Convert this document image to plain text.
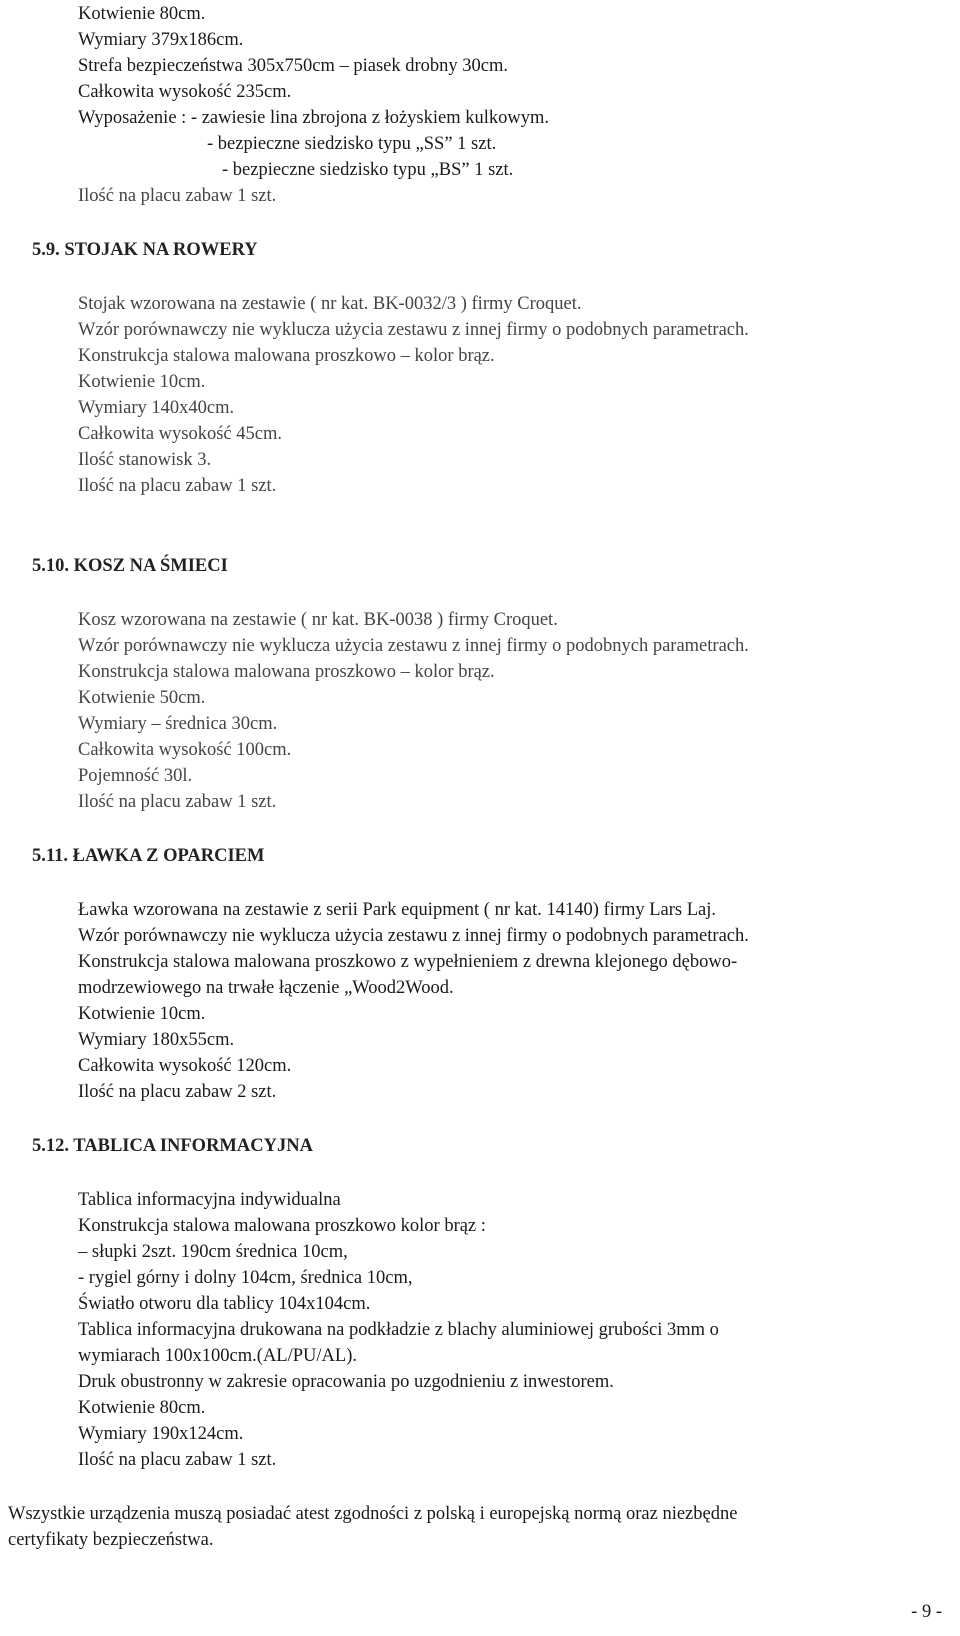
Kotwienie 80cm.
Wymiary 379x186cm.
Strefa bezpieczeństwa 305x750cm – piasek drobny 30cm.
Całkowita wysokość 235cm.
Wyposażenie : - zawiesie lina zbrojona z łożyskiem kulkowym.
- bezpieczne siedzisko typu „SS” 1 szt.
- bezpieczne siedzisko typu „BS” 1 szt.
Ilość na placu zabaw 1 szt.
5.9. STOJAK NA ROWERY
Stojak wzorowana na zestawie ( nr kat. BK-0032/3 ) firmy Croquet.
Wzór porównawczy nie wyklucza użycia zestawu z innej firmy o podobnych parametrach.
Konstrukcja stalowa malowana proszkowo – kolor brąz.
Kotwienie 10cm.
Wymiary 140x40cm.
Całkowita wysokość 45cm.
Ilość stanowisk 3.
Ilość na placu zabaw 1 szt.
5.10. KOSZ NA ŚMIECI
Kosz wzorowana na zestawie ( nr kat. BK-0038 ) firmy Croquet.
Wzór porównawczy nie wyklucza użycia zestawu z innej firmy o podobnych parametrach.
Konstrukcja stalowa malowana proszkowo – kolor brąz.
Kotwienie 50cm.
Wymiary – średnica 30cm.
Całkowita wysokość 100cm.
Pojemność 30l.
Ilość na placu zabaw 1 szt.
5.11. ŁAWKA Z OPARCIEM
Ławka wzorowana na zestawie z serii Park equipment ( nr kat. 14140) firmy Lars Laj.
Wzór porównawczy nie wyklucza użycia zestawu z innej firmy o podobnych parametrach.
Konstrukcja stalowa malowana proszkowo z wypełnieniem z drewna klejonego dębowo-
modrzewiowego na trwałe łączenie „Wood2Wood.
Kotwienie 10cm.
Wymiary 180x55cm.
Całkowita wysokość 120cm.
Ilość na placu zabaw 2 szt.
5.12. TABLICA INFORMACYJNA
Tablica informacyjna indywidualna
Konstrukcja stalowa malowana proszkowo kolor brąz :
– słupki 2szt. 190cm średnica 10cm,
- rygiel górny i dolny 104cm, średnica 10cm,
Światło otworu dla tablicy 104x104cm.
Tablica informacyjna drukowana na podkładzie z blachy aluminiowej grubości 3mm o
wymiarach 100x100cm.(AL/PU/AL).
Druk obustronny w zakresie opracowania po uzgodnieniu z inwestorem.
Kotwienie 80cm.
Wymiary 190x124cm.
Ilość na placu zabaw 1 szt.
Wszystkie urządzenia muszą posiadać atest zgodności z polską i europejską normą oraz niezbędne
certyfikaty bezpieczeństwa.
- 9 -
